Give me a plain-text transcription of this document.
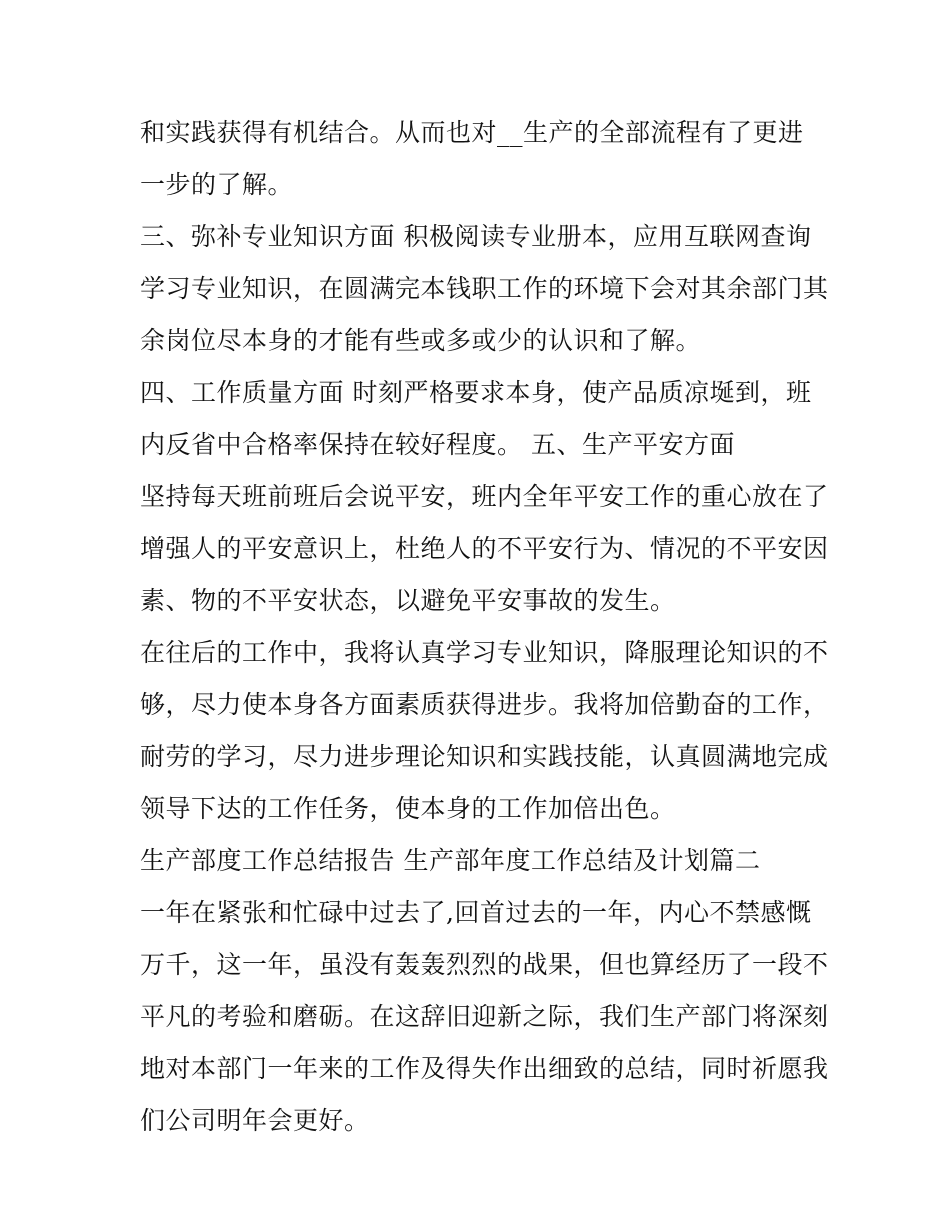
和实践获得有机结合。从而也对__生产的全部流程有了更进
一步的了解。
三、弥补专业知识方面 积极阅读专业册本，应用互联网查询
学习专业知识，在圆满完本钱职工作的环境下会对其余部门其
余岗位尽本身的才能有些或多或少的认识和了解。
四、工作质量方面 时刻严格要求本身，使产品质凉埏到，班
内反省中合格率保持在较好程度。 五、生产平安方面
坚持每天班前班后会说平安，班内全年平安工作的重心放在了
增强人的平安意识上，杜绝人的不平安行为、情况的不平安因
素、物的不平安状态，以避免平安事故的发生。
在往后的工作中，我将认真学习专业知识，降服理论知识的不
够，尽力使本身各方面素质获得进步。我将加倍勤奋的工作，
耐劳的学习，尽力进步理论知识和实践技能，认真圆满地完成
领导下达的工作任务，使本身的工作加倍出色。
生产部度工作总结报告 生产部年度工作总结及计划篇二
一年在紧张和忙碌中过去了,回首过去的一年，内心不禁感慨
万千，这一年，虽没有轰轰烈烈的战果，但也算经历了一段不
平凡的考验和磨砺。在这辞旧迎新之际，我们生产部门将深刻
地对本部门一年来的工作及得失作出细致的总结，同时祈愿我
们公司明年会更好。
